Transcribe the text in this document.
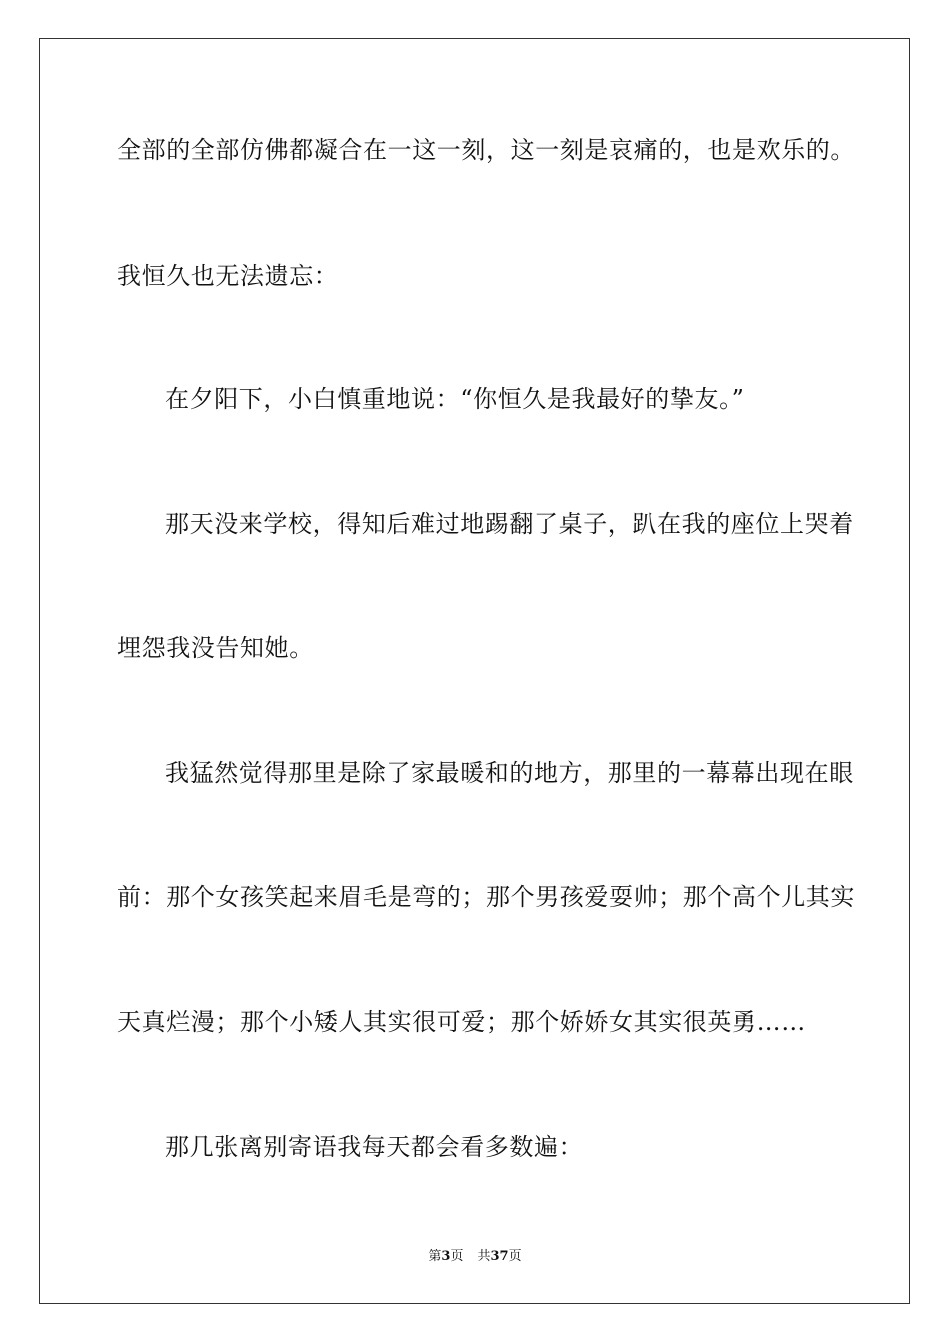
全部的全部仿佛都凝合在一这一刻，这一刻是哀痛的，也是欢乐的。

我恒久也无法遗忘：

在夕阳下，小白慎重地说：“你恒久是我最好的挚友。”

那天没来学校，得知后难过地踢翻了桌子，趴在我的座位上哭着

埋怨我没告知她。

我猛然觉得那里是除了家最暖和的地方，那里的一幕幕出现在眼

前：那个女孩笑起来眉毛是弯的；那个男孩爱耍帅；那个高个儿其实

天真烂漫；那个小矮人其实很可爱；那个娇娇女其实很英勇……

那几张离别寄语我每天都会看多数遍：

第3页 共37页
